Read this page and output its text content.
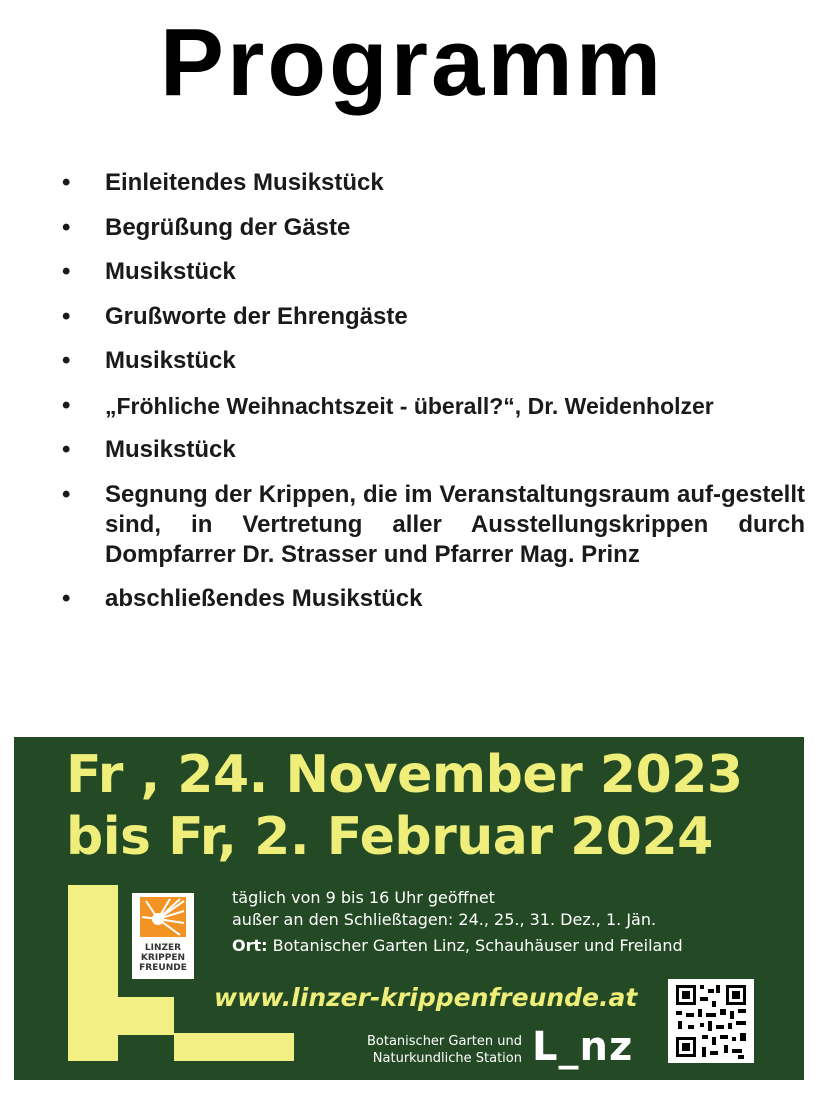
Programm
•	Einleitendes Musikstück
•	Begrüßung der Gäste
•	Musikstück
•	Grußworte der Ehrengäste
•	Musikstück
•	„Fröhliche Weihnachtszeit - überall?“, Dr. Weidenholzer
•	Musikstück
•	Segnung der Krippen, die im Veranstaltungsraum auf-gestellt sind, in Vertretung aller Ausstellungskrippen durch Dompfarrer Dr. Strasser und Pfarrer Mag. Prinz
•	abschließendes Musikstück
Fr , 24. November 2023
bis Fr, 2. Februar 2024
LINZER
KRIPPEN
FREUNDE
täglich von 9 bis 16 Uhr geöffnet
außer an den Schließtagen: 24., 25., 31. Dez., 1. Jän.
Ort: Botanischer Garten Linz, Schauhäuser und Freiland
www.linzer-krippenfreunde.at
Botanischer Garten und
Naturkundliche Station L_nz
